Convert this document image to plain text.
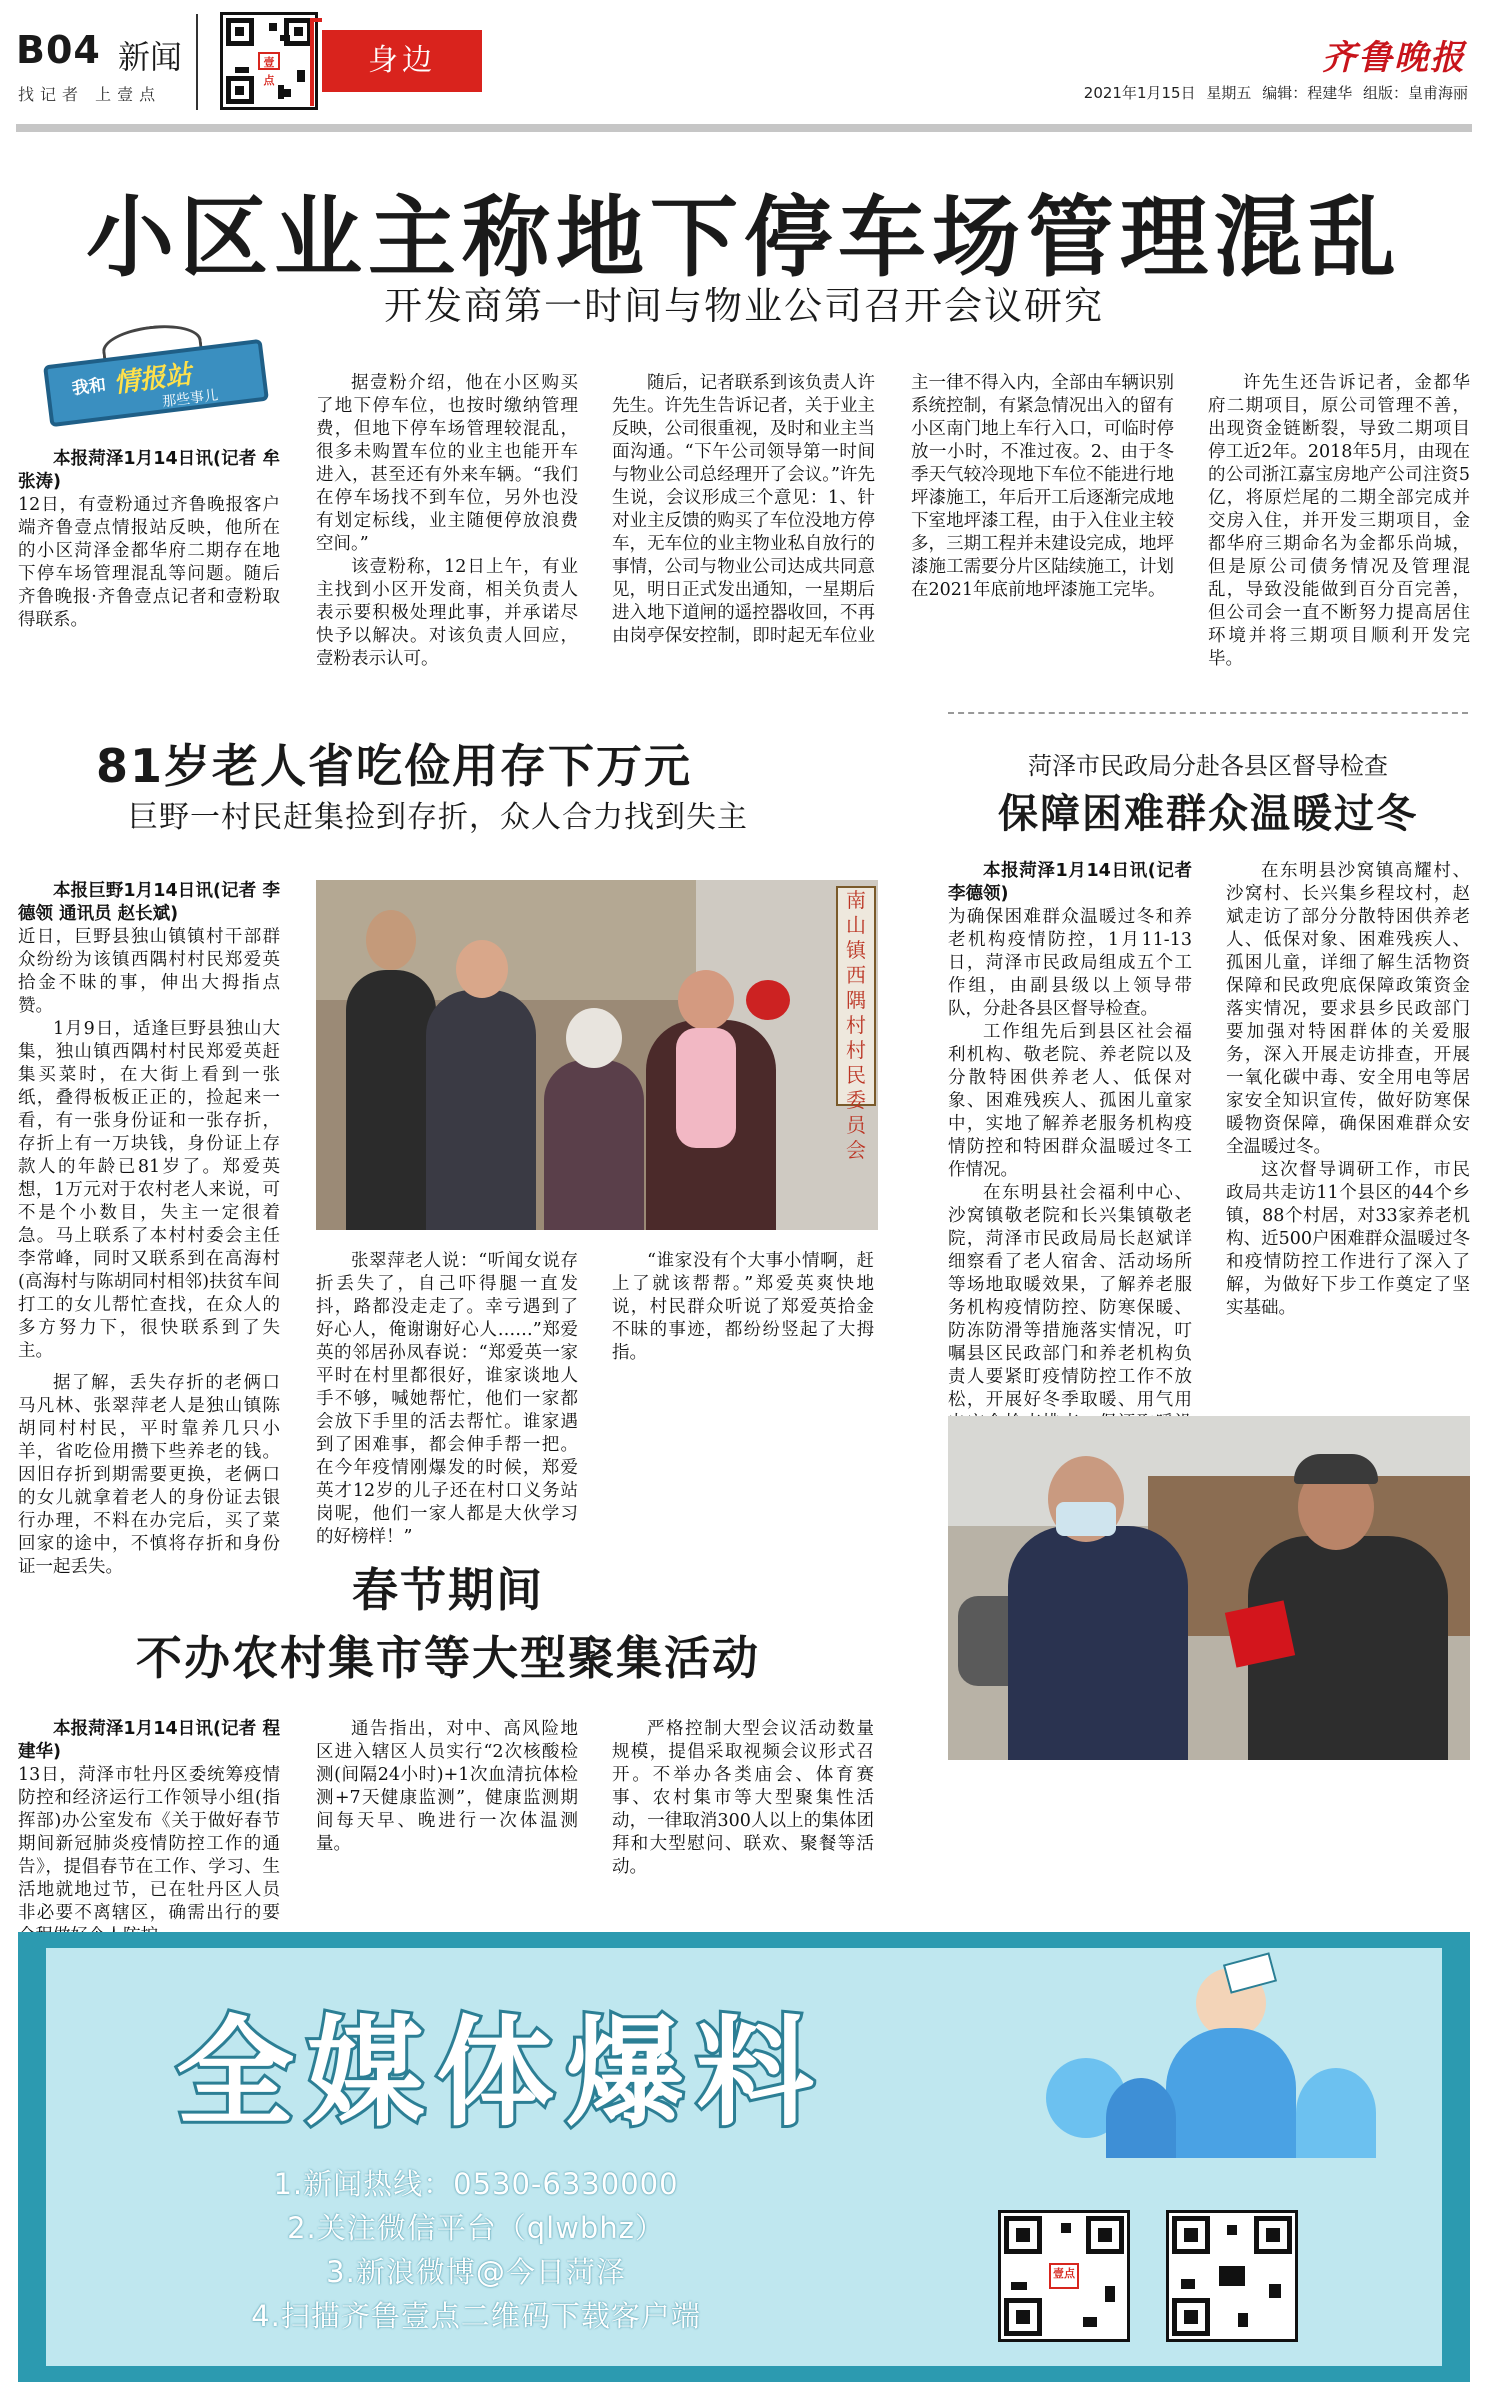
B04 新闻
找记者 上壹点
壹点
身边	齐鲁晚报
2021年1月15日 星期五 编辑：程建华 组版：皇甫海丽
小区业主称地下停车场管理混乱
开发商第一时间与物业公司召开会议研究
我和 情报站
那些事儿

本报菏泽1月14日讯(记者 牟张涛) 12日，有壹粉通过齐鲁晚报客户端齐鲁壹点情报站反映，他所在的小区菏泽金都华府二期存在地下停车场管理混乱等问题。随后齐鲁晚报·齐鲁壹点记者和壹粉取得联系。

据壹粉介绍，他在小区购买了地下停车位，也按时缴纳管理费，但地下停车场管理较混乱，很多未购置车位的业主也能开车进入，甚至还有外来车辆。“我们在停车场找不到车位，另外也没有划定标线，业主随便停放浪费空间。”

该壹粉称，12日上午，有业主找到小区开发商，相关负责人表示要积极处理此事，并承诺尽快予以解决。对该负责人回应，壹粉表示认可。

随后，记者联系到该负责人许先生。许先生告诉记者，关于业主反映，公司很重视，及时和业主当面沟通。“下午公司领导第一时间与物业公司总经理开了会议。”许先生说，会议形成三个意见：1、针对业主反馈的购买了车位没地方停车，无车位的业主物业私自放行的事情，公司与物业公司达成共同意见，明日正式发出通知，一星期后进入地下道闸的遥控器收回，不再由岗亭保安控制，即时起无车位业主一律不得入内，全部由车辆识别系统控制，有紧急情况出入的留有小区南门地上车行入口，可临时停放一小时，不准过夜。2、由于冬季天气较冷现地下车位不能进行地坪漆施工，年后开工后逐渐完成地下室地坪漆工程，由于入住业主较多，三期工程并未建设完成，地坪漆施工需要分片区陆续施工，计划在2021年底前地坪漆施工完毕。

许先生还告诉记者，金都华府二期项目，原公司管理不善，出现资金链断裂，导致二期项目停工近2年。2018年5月，由现在的公司浙江嘉宝房地产公司注资5亿，将原烂尾的二期全部完成并交房入住，并开发三期项目，金都华府三期命名为金都乐尚城，但是原公司债务情况及管理混乱，导致没能做到百分百完善，但公司会一直不断努力提高居住环境并将三期项目顺利开发完毕。

81岁老人省吃俭用存下万元
巨野一村民赶集捡到存折，众人合力找到失主

本报巨野1月14日讯(记者 李德领 通讯员 赵长斌) 近日，巨野县独山镇镇村干部群众纷纷为该镇西隅村村民郑爱英拾金不昧的事，伸出大拇指点赞。

1月9日，适逢巨野县独山大集，独山镇西隅村村民郑爱英赶集买菜时，在大街上看到一张纸，叠得板板正正的，捡起来一看，有一张身份证和一张存折，存折上有一万块钱，身份证上存款人的年龄已81岁了。郑爱英想，1万元对于农村老人来说，可不是个小数目，失主一定很着急。马上联系了本村村委会主任李常峰，同时又联系到在高海村(高海村与陈胡同村相邻)扶贫车间打工的女儿帮忙查找，在众人的多方努力下，很快联系到了失主。

据了解，丢失存折的老俩口马凡林、张翠萍老人是独山镇陈胡同村村民，平时靠养几只小羊，省吃俭用攒下些养老的钱。因旧存折到期需要更换，老俩口的女儿就拿着老人的身份证去银行办理，不料在办完后，买了菜回家的途中，不慎将存折和身份证一起丢失。

南山镇西隅村村民委员会

张翠萍老人说：“听闻女说存折丢失了，自己吓得腿一直发抖，路都没走走了。幸亏遇到了好心人，俺谢谢好心人……”郑爱英的邻居孙凤春说：“郑爱英一家平时在村里都很好，谁家谈地人手不够，喊她帮忙，他们一家都会放下手里的活去帮忙。谁家遇到了困难事，都会伸手帮一把。在今年疫情刚爆发的时候，郑爱英才12岁的儿子还在村口义务站岗呢，他们一家人都是大伙学习的好榜样！”

“谁家没有个大事小情啊，赶上了就该帮帮。”郑爱英爽快地说，村民群众听说了郑爱英拾金不昧的事迹，都纷纷竖起了大拇指。

菏泽市民政局分赴各县区督导检查
保障困难群众温暖过冬

本报菏泽1月14日讯(记者 李德领) 为确保困难群众温暖过冬和养老机构疫情防控，1月11-13日，菏泽市民政局组成五个工作组，由副县级以上领导带队，分赴各县区督导检查。

工作组先后到县区社会福利机构、敬老院、养老院以及分散特困供养老人、低保对象、困难残疾人、孤困儿童家中，实地了解养老服务机构疫情防控和特困群众温暖过冬工作情况。

在东明县社会福利中心、沙窝镇敬老院和长兴集镇敬老院，菏泽市民政局局长赵斌详细察看了老人宿舍、活动场所等场地取暖效果，了解养老服务机构疫情防控、防寒保暖、防冻防滑等措施落实情况，叮嘱县区民政部门和养老机构负责人要紧盯疫情防控工作不放松，开展好冬季取暖、用气用

在东明县沙窝镇高耀村、沙窝村、长兴集乡程坟村，赵斌走访了部分分散特困供养老人、低保对象、困难残疾人、孤困儿童，详细了解生活物资保障和民政兜底保障政策资金落实情况，要求县乡民政部门要加强对特困群体的关爱服务，深入开展走访排查，开展一氧化碳中毒、安全用电等居家安全知识宣传，做好防寒保暖物资保障，确保困难群众安全温暖过冬。

这次督导调研工作，市民政局共走访11个县区的44个乡镇，88个村居，对33家养老机构、近500户困难群众温暖过冬和疫情防控工作进行了深入了解，为做好下步工作奠定了坚实基础。

春节期间
不办农村集市等大型聚集活动

本报菏泽1月14日讯(记者 程建华) 13日，菏泽市牡丹区委统筹疫情防控和经济运行工作领导小组(指挥部)办公室发布《关于做好春节期间新冠肺炎疫情防控工作的通告》，提倡春节在工作、学习、生活地就地过节，已在牡丹区人员非必要不离辖区，确需出行的要

通告指出，对中、高风险地区进入辖区人员实行“2次核酸检测(间隔24小时)+1次血清抗体检测+7天健康监测”，健康监测期间每天早、晚进行一次体温测量。

严格控制大型会议活动数量规模，提倡采取视频会议形式召开。不举办各类庙会、体育赛事、农村集市等大型聚集性活动，一律取消300人以上的集体团拜和大型慰问、联欢、聚餐等活动。

全媒体爆料
1.新闻热线：0530-6330000
2.关注微信平台（qlwbhz）
3.新浪微博@今日菏泽
4.扫描齐鲁壹点二维码下载客户端
壹点
